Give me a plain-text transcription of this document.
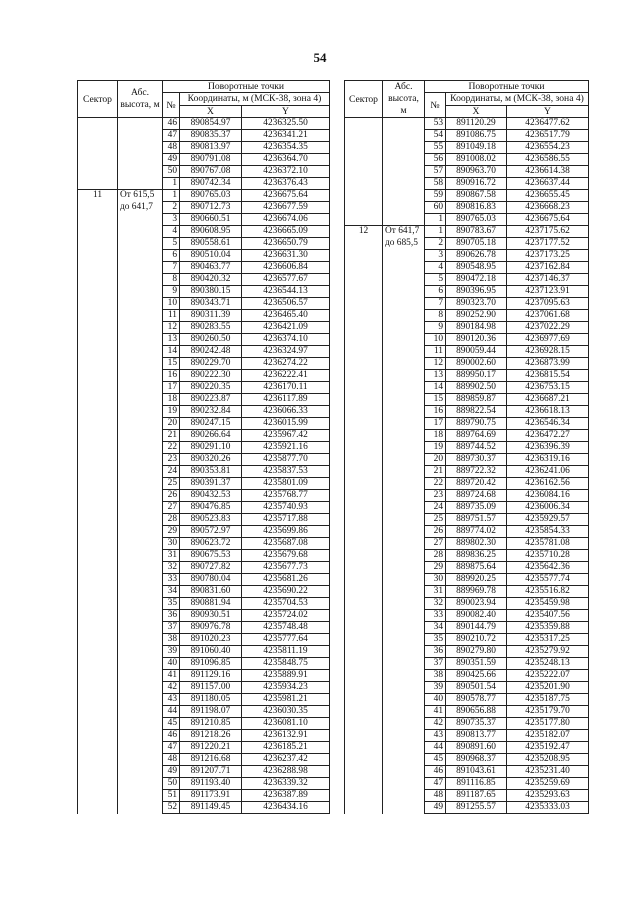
54
Сектор	Абс. высота, м	Поворотные точки		
		№	Координаты, м (МСК-38, зона 4)	
			X	Y
		46	890854.97	4236325.50
		47	890835.37	4236341.21
		48	890813.97	4236354.35
		49	890791.08	4236364.70
		50	890767.08	4236372.10
		1	890742.34	4236376.43
11	От 615,5	1	890765.03	4236675.64
	до 641,7	2	890712.73	4236677.59
		3	890660.51	4236674.06
		4	890608.95	4236665.09
		5	890558.61	4236650.79
		6	890510.04	4236631.30
		7	890463.77	4236606.84
		8	890420.32	4236577.67
		9	890380.15	4236544.13
		10	890343.71	4236506.57
		11	890311.39	4236465.40
		12	890283.55	4236421.09
		13	890260.50	4236374.10
		14	890242.48	4236324.97
		15	890229.70	4236274.22
		16	890222.30	4236222.41
		17	890220.35	4236170.11
		18	890223.87	4236117.89
		19	890232.84	4236066.33
		20	890247.15	4236015.99
		21	890266.64	4235967.42
		22	890291.10	4235921.16
		23	890320.26	4235877.70
		24	890353.81	4235837.53
		25	890391.37	4235801.09
		26	890432.53	4235768.77
		27	890476.85	4235740.93
		28	890523.83	4235717.88
		29	890572.97	4235699.86
		30	890623.72	4235687.08
		31	890675.53	4235679.68
		32	890727.82	4235677.73
		33	890780.04	4235681.26
		34	890831.60	4235690.22
		35	890881.94	4235704.53
		36	890930.51	4235724.02
		37	890976.78	4235748.48
		38	891020.23	4235777.64
		39	891060.40	4235811.19
		40	891096.85	4235848.75
		41	891129.16	4235889.91
		42	891157.00	4235934.23
		43	891180.05	4235981.21
		44	891198.07	4236030.35
		45	891210.85	4236081.10
		46	891218.26	4236132.91
		47	891220.21	4236185.21
		48	891216.68	4236237.42
		49	891207.71	4236288.98
		50	891193.40	4236339.32
		51	891173.91	4236387.89
		52	891149.45	4236434.16
Сектор	Абс. высота, м	Поворотные точки		
		№	Координаты, м (МСК-38, зона 4)	
			X	Y
		53	891120.29	4236477.62
		54	891086.75	4236517.79
		55	891049.18	4236554.23
		56	891008.02	4236586.55
		57	890963.70	4236614.38
		58	890916.72	4236637.44
		59	890867.58	4236655.45
		60	890816.83	4236668.23
		1	890765.03	4236675.64
12	От 641,7	1	890783.67	4237175.62
	до 685,5	2	890705.18	4237177.52
		3	890626.78	4237173.25
		4	890548.95	4237162.84
		5	890472.18	4237146.37
		6	890396.95	4237123.91
		7	890323.70	4237095.63
		8	890252.90	4237061.68
		9	890184.98	4237022.29
		10	890120.36	4236977.69
		11	890059.44	4236928.15
		12	890002.60	4236873.99
		13	889950.17	4236815.54
		14	889902.50	4236753.15
		15	889859.87	4236687.21
		16	889822.54	4236618.13
		17	889790.75	4236546.34
		18	889764.69	4236472.27
		19	889744.52	4236396.39
		20	889730.37	4236319.16
		21	889722.32	4236241.06
		22	889720.42	4236162.56
		23	889724.68	4236084.16
		24	889735.09	4236006.34
		25	889751.57	4235929.57
		26	889774.02	4235854.33
		27	889802.30	4235781.08
		28	889836.25	4235710.28
		29	889875.64	4235642.36
		30	889920.25	4235577.74
		31	889969.78	4235516.82
		32	890023.94	4235459.98
		33	890082.40	4235407.56
		34	890144.79	4235359.88
		35	890210.72	4235317.25
		36	890279.80	4235279.92
		37	890351.59	4235248.13
		38	890425.66	4235222.07
		39	890501.54	4235201.90
		40	890578.77	4235187.75
		41	890656.88	4235179.70
		42	890735.37	4235177.80
		43	890813.77	4235182.07
		44	890891.60	4235192.47
		45	890968.37	4235208.95
		46	891043.61	4235231.40
		47	891116.85	4235259.69
		48	891187.65	4235293.63
		49	891255.57	4235333.03
